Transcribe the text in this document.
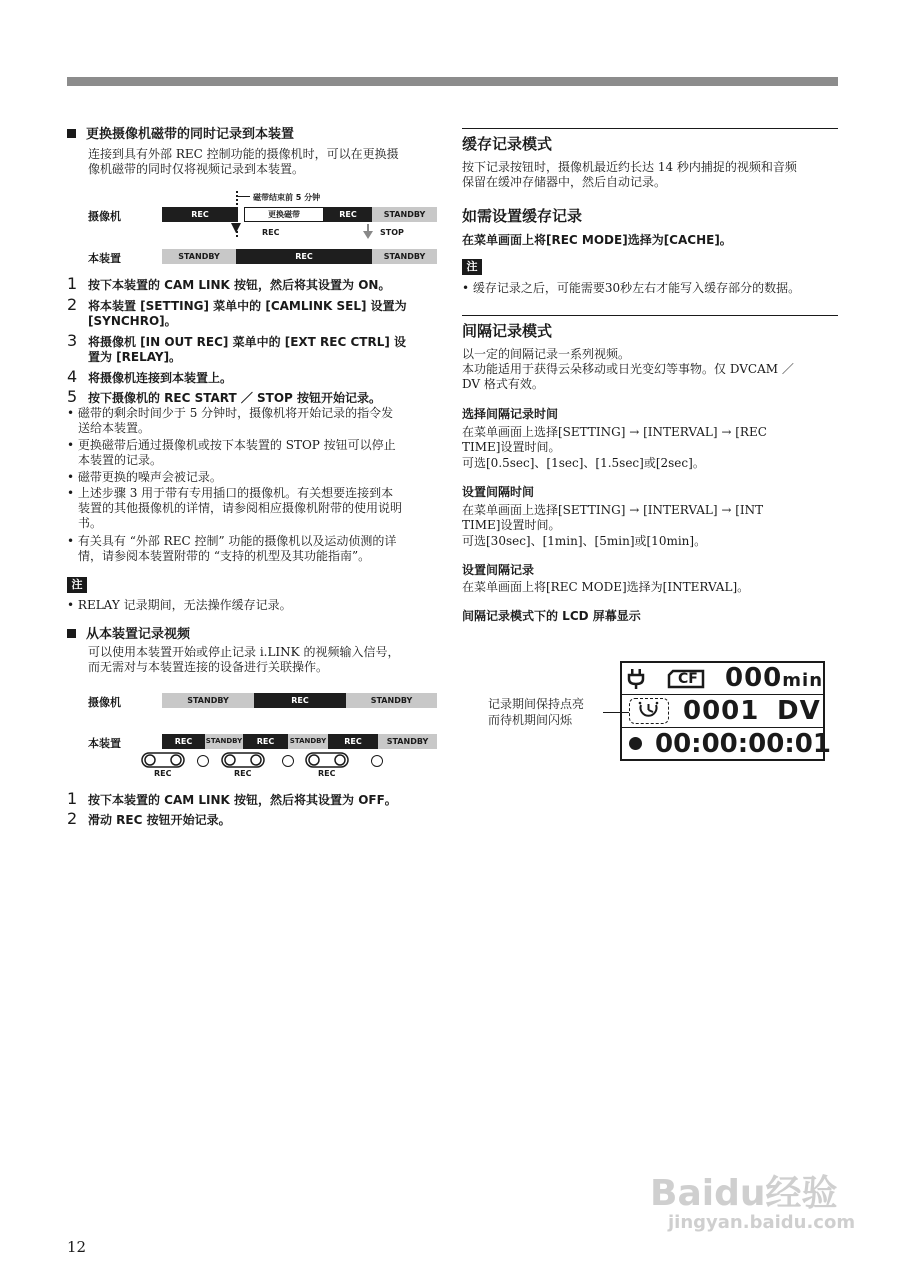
更换摄像机磁带的同时记录到本装置
连接到具有外部 REC 控制功能的摄像机时，可以在更换摄
像机磁带的同时仅将视频记录到本装置。
磁带结束前 5 分钟
摄像机	REC	更换磁带	REC	STANDBY
REC	STOP
本装置	STANDBY	REC	STANDBY
1 按下本装置的 CAM LINK 按钮，然后将其设置为 ON。
2 将本装置 [SETTING] 菜单中的 [CAMLINK SEL] 设置为
[SYNCHRO]。
3 将摄像机 [IN OUT REC] 菜单中的 [EXT REC CTRL] 设
置为 [RELAY]。
4 将摄像机连接到本装置上。
5 按下摄像机的 REC START ／ STOP 按钮开始记录。
• 磁带的剩余时间少于 5 分钟时，摄像机将开始记录的指令发
送给本装置。
• 更换磁带后通过摄像机或按下本装置的 STOP 按钮可以停止
本装置的记录。
• 磁带更换的噪声会被记录。
• 上述步骤 3 用于带有专用插口的摄像机。有关想要连接到本
装置的其他摄像机的详情，请参阅相应摄像机附带的使用说明
书。
• 有关具有 “外部 REC 控制” 功能的摄像机以及运动侦测的详
情，请参阅本装置附带的 “支持的机型及其功能指南”。
注
• RELAY 记录期间，无法操作缓存记录。
从本装置记录视频
可以使用本装置开始或停止记录 i.LINK 的视频输入信号，
而无需对与本装置连接的设备进行关联操作。
摄像机	STANDBY	REC	STANDBY
本装置	REC	STANDBY	REC	STANDBY	REC	STANDBY
REC	REC	REC
1 按下本装置的 CAM LINK 按钮，然后将其设置为 OFF。
2 滑动 REC 按钮开始记录。
缓存记录模式
按下记录按钮时，摄像机最近约长达 14 秒内捕捉的视频和音频
保留在缓冲存储器中，然后自动记录。
如需设置缓存记录
在菜单画面上将[REC MODE]选择为[CACHE]。
注
• 缓存记录之后，可能需要30秒左右才能写入缓存部分的数据。
间隔记录模式
以一定的间隔记录一系列视频。
本功能适用于获得云朵移动或日光变幻等事物。仅 DVCAM ／
DV 格式有效。
选择间隔记录时间
在菜单画面上选择[SETTING] → [INTERVAL] → [REC
TIME]设置时间。
可选[0.5sec]、[1sec]、[1.5sec]或[2sec]。
设置间隔时间
在菜单画面上选择[SETTING] → [INTERVAL] → [INT
TIME]设置时间。
可选[30sec]、[1min]、[5min]或[10min]。
设置间隔记录
在菜单画面上将[REC MODE]选择为[INTERVAL]。
间隔记录模式下的 LCD 屏幕显示
记录期间保持点亮
而待机期间闪烁
CF 000min
0001 DV
00:00:00:01
12
Baidu经验
jingyan.baidu.com
